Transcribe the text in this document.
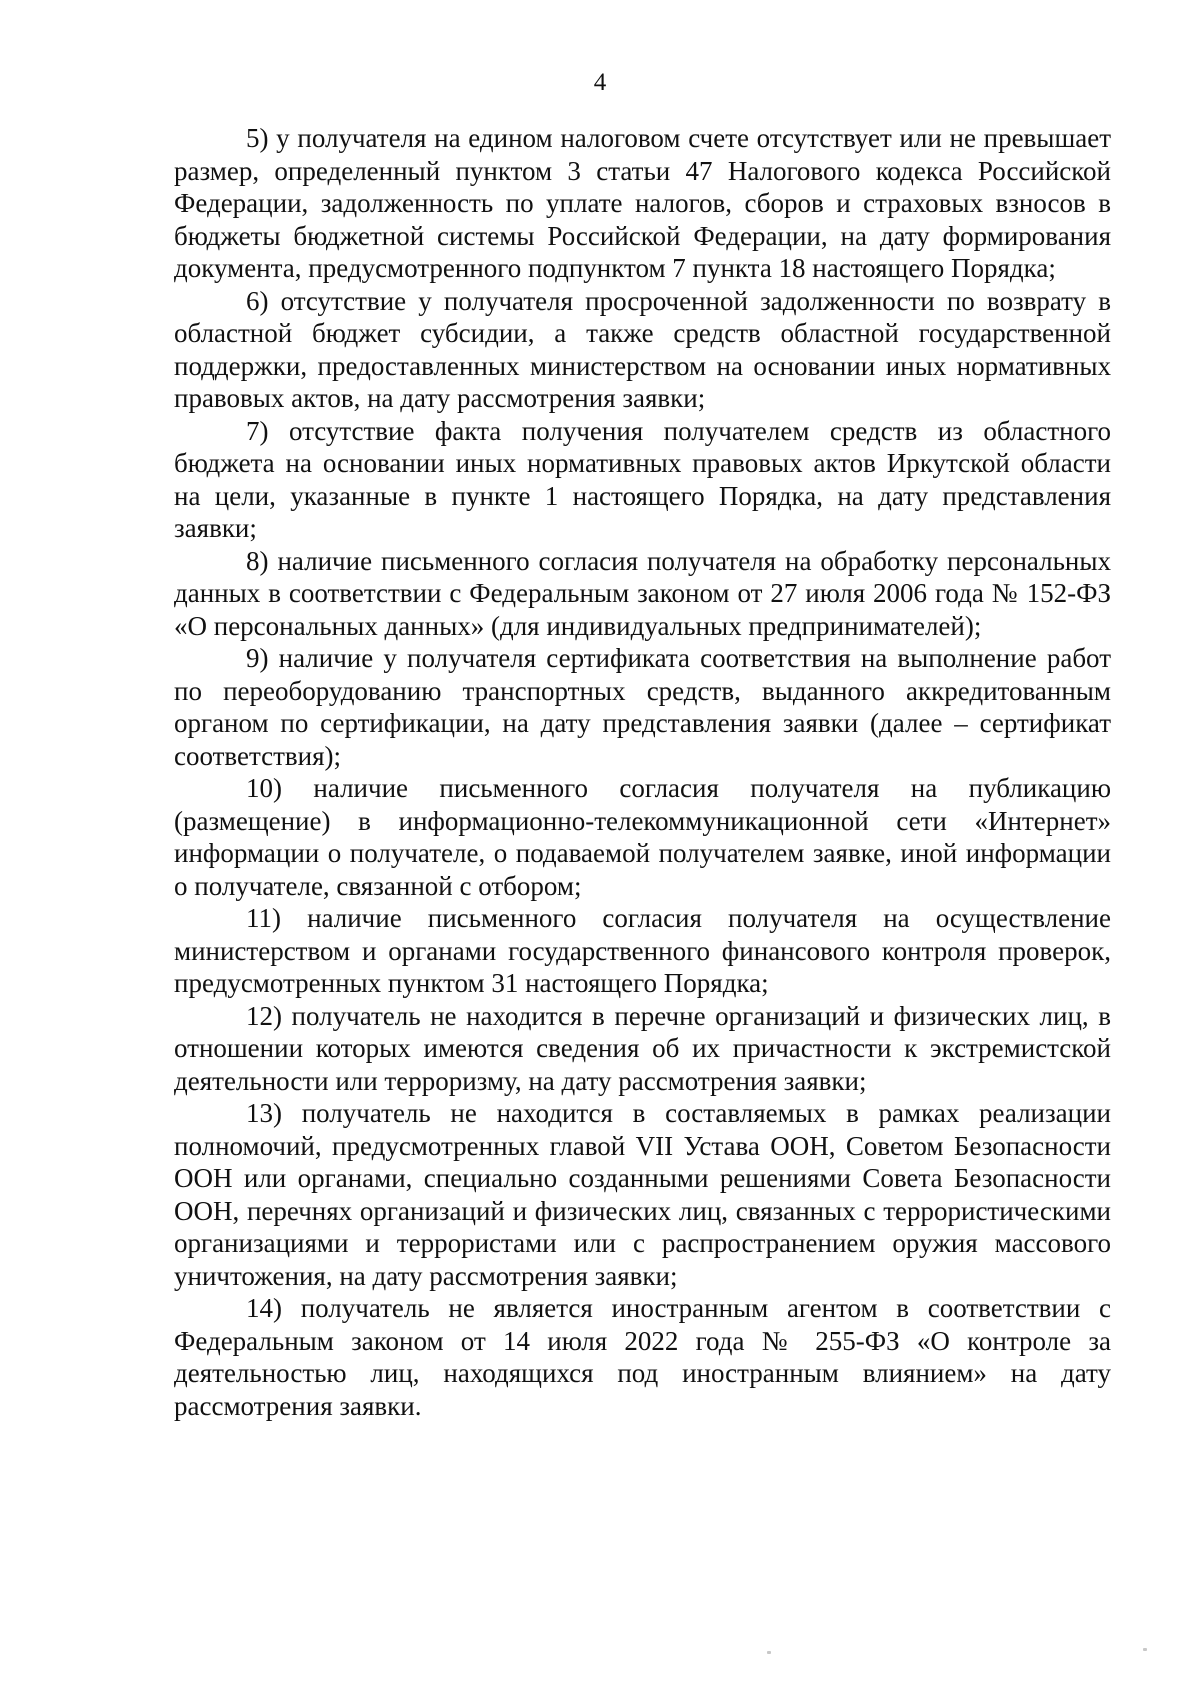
4

5) у получателя на едином налоговом счете отсутствует или не превышает размер, определенный пунктом 3 статьи 47 Налогового кодекса Российской Федерации, задолженность по уплате налогов, сборов и страховых взносов в бюджеты бюджетной системы Российской Федерации, на дату формирования документа, предусмотренного подпунктом 7 пункта 18 настоящего Порядка;

6) отсутствие у получателя просроченной задолженности по возврату в областной бюджет субсидии, а также средств областной государственной поддержки, предоставленных министерством на основании иных нормативных правовых актов, на дату рассмотрения заявки;

7) отсутствие факта получения получателем средств из областного бюджета на основании иных нормативных правовых актов Иркутской области на цели, указанные в пункте 1 настоящего Порядка, на дату представления заявки;

8) наличие письменного согласия получателя на обработку персональных данных в соответствии с Федеральным законом от 27 июля 2006 года № 152-ФЗ «О персональных данных» (для индивидуальных предпринимателей);

9) наличие у получателя сертификата соответствия на выполнение работ по переоборудованию транспортных средств, выданного аккредитованным органом по сертификации, на дату представления заявки (далее – сертификат соответствия);

10) наличие письменного согласия получателя на публикацию (размещение) в информационно-телекоммуникационной сети «Интернет» информации о получателе, о подаваемой получателем заявке, иной информации о получателе, связанной с отбором;

11) наличие письменного согласия получателя на осуществление министерством и органами государственного финансового контроля проверок, предусмотренных пунктом 31 настоящего Порядка;

12) получатель не находится в перечне организаций и физических лиц, в отношении которых имеются сведения об их причастности к экстремистской деятельности или терроризму, на дату рассмотрения заявки;

13) получатель не находится в составляемых в рамках реализации полномочий, предусмотренных главой VII Устава ООН, Советом Безопасности ООН или органами, специально созданными решениями Совета Безопасности ООН, перечнях организаций и физических лиц, связанных с террористическими организациями и террористами или с распространением оружия массового уничтожения, на дату рассмотрения заявки;

14) получатель не является иностранным агентом в соответствии с Федеральным законом от 14 июля 2022 года № 255-ФЗ «О контроле за деятельностью лиц, находящихся под иностранным влиянием» на дату рассмотрения заявки.
